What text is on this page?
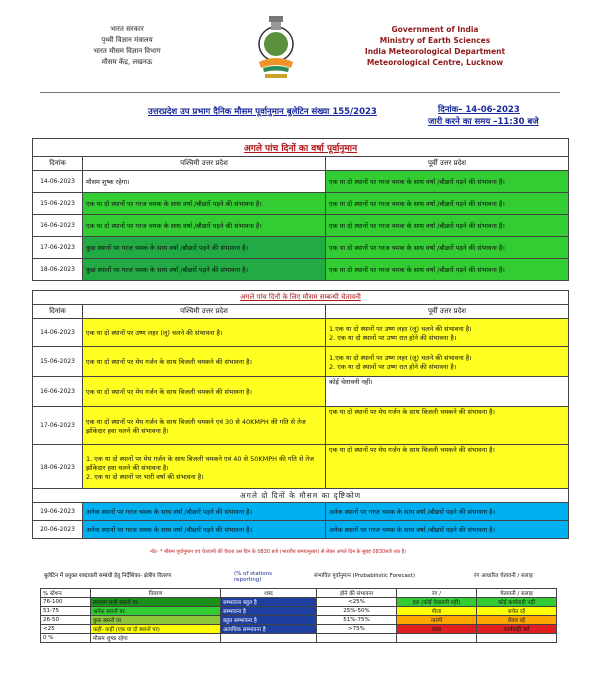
भारत सरकार
पृथ्वी विज्ञान मंत्रालय
भारत मौसम विज्ञान विभाग
मौसम केंद्र, लखनऊ
Government of India
Ministry of Earth Sciences
India Meteorological Department
Meteorological Centre, Lucknow
उत्तरप्रदेश उप प्रभाग दैनिक मौसम पूर्वानुमान बुलेटिन संख्या 155/2023	दिनांक– 14-06-2023
जारी करने का समय –11:30 बजे
अगले पांच दिनों का वर्षा पूर्वानुमान		
दिनांक	पश्चिमी उत्तर प्रदेश	पूर्वी उत्तर प्रदेश
14-06-2023	मौसम शुष्क रहेगा।	एक या दो स्थानों पर गरज चमक के साथ वर्षा /बौछारें पड़ने की संभावना है।
15-06-2023	एक या दो स्थानों पर गरज चमक के साथ वर्षा /बौछारें पड़ने की संभावना है।	एक या दो स्थानों पर गरज चमक के साथ वर्षा /बौछारें पड़ने की संभावना है।
16-06-2023	एक या दो स्थानों पर गरज चमक के साथ वर्षा /बौछारें पड़ने की संभावना है।	एक या दो स्थानों पर गरज चमक के साथ वर्षा /बौछारें पड़ने की संभावना है।
17-06-2023	कुछ स्थानों पर गरज चमक के साथ वर्षा /बौछारें पड़ने की संभावना है।	एक या दो स्थानों पर गरज चमक के साथ वर्षा /बौछारें पड़ने की संभावना है।
18-06-2023	कुछ स्थानों पर गरज चमक के साथ वर्षा /बौछारें पड़ने की संभावना है।	एक या दो स्थानों पर गरज चमक के साथ वर्षा /बौछारें पड़ने की संभावना है।
अगले पांच दिनों के लिए मौसम सम्बन्धी चेतावनी		
दिनांक	पश्चिमी उत्तर प्रदेश	पूर्वी उत्तर प्रदेश
14-06-2023	एक या दो स्थानों पर उष्ण लहर (लू) चलने की संभावना है।	1.एक या दो स्थानों पर उष्ण लहर (लू) चलने की संभावना है।
2. एक या दो स्थानों पर उष्ण रात होने की संभावना है।
15-06-2023	एक या दो स्थानों पर मेघ गर्जन के साथ बिजली चमकने की संभावना है।	1.एक या दो स्थानों पर उष्ण लहर (लू) चलने की संभावना है।
2. एक या दो स्थानों पर उष्ण रात होने की संभावना है।
16-06-2023	एक या दो स्थानों पर मेघ गर्जन के साथ बिजली चमकने की संभावना है।	कोई चेतावनी नहीं।
17-06-2023	एक या दो स्थानों पर मेघ गर्जन के साथ बिजली चमकने एवं 30 से 40KMPH की गति से तेज झोंकेदार हवा चलने की संभावना है।	एक या दो स्थानों पर मेघ गर्जन के साथ बिजली चमकने की संभावना है।
18-06-2023	1. एक या दो स्थानों पर मेघ गर्जन के साथ बिजली चमकने एवं 40 से 50KMPH की गति से तेज झोंकेदार हवा चलने की संभावना है।
2. एक या दो स्थानों पर भारी वर्षा की संभावना है।	एक या दो स्थानों पर मेघ गर्जन के साथ बिजली चमकने की संभावना है।
अगले दो दिनों के मौसम का दृष्टिकोण		
19-06-2023	अनेक स्थानों पर गरज चमक के साथ वर्षा /बौछारें पड़ने की संभावना है।	अनेक स्थानों पर गरज चमक के साथ वर्षा /बौछारें पड़ने की संभावना है।
20-06-2023	अनेक स्थानों पर गरज चमक के साथ वर्षा /बौछारें पड़ने की संभावना है।	अनेक स्थानों पर गरज चमक के साथ वर्षा /बौछारें पड़ने की संभावना है।
नोट- * मौसम पूर्वानुमान एवं चेतावनी की वैधता उस दिन के 0830 बजे (भारतीय समयानुसार) से लेकर अगले दिन के सुबह 0830बजे तक है।
बुलेटिन में प्रयुक्त शब्दावली सम्बंधी हेतु निर्देशिका- क्षेत्रीय वितरण	(% of stations reporting)
संभावित पूर्वानुमान (Probabilistic Forecast)	रंग आधारित चेतावनी / सलाह
% स्टेशन	विवरण	शब्द	होने की संभावना	रंग /	चेतावनी / सलाह
76-100	लगभग सभी स्थानों पर	सम्भावना बहुत है	<25%	हरा (कोई चेतावनी नहीं)	कोई कार्यवाही नहीं
51-75	अनेक स्थानों पर	सम्भावना है	25%-50%	पीला	सचेत रहें
26-50	कुछ स्थानों पर	बहुत सम्भावना है	51%-75%	नारंगी	तैयार रहें
<25	कहीं- कहीं (एक या दो स्थानों पर)	अत्यधिक सम्भावना है	>75%	लाल	कार्यवाही करें
0 %	मौसम शुष्क रहेगा				
